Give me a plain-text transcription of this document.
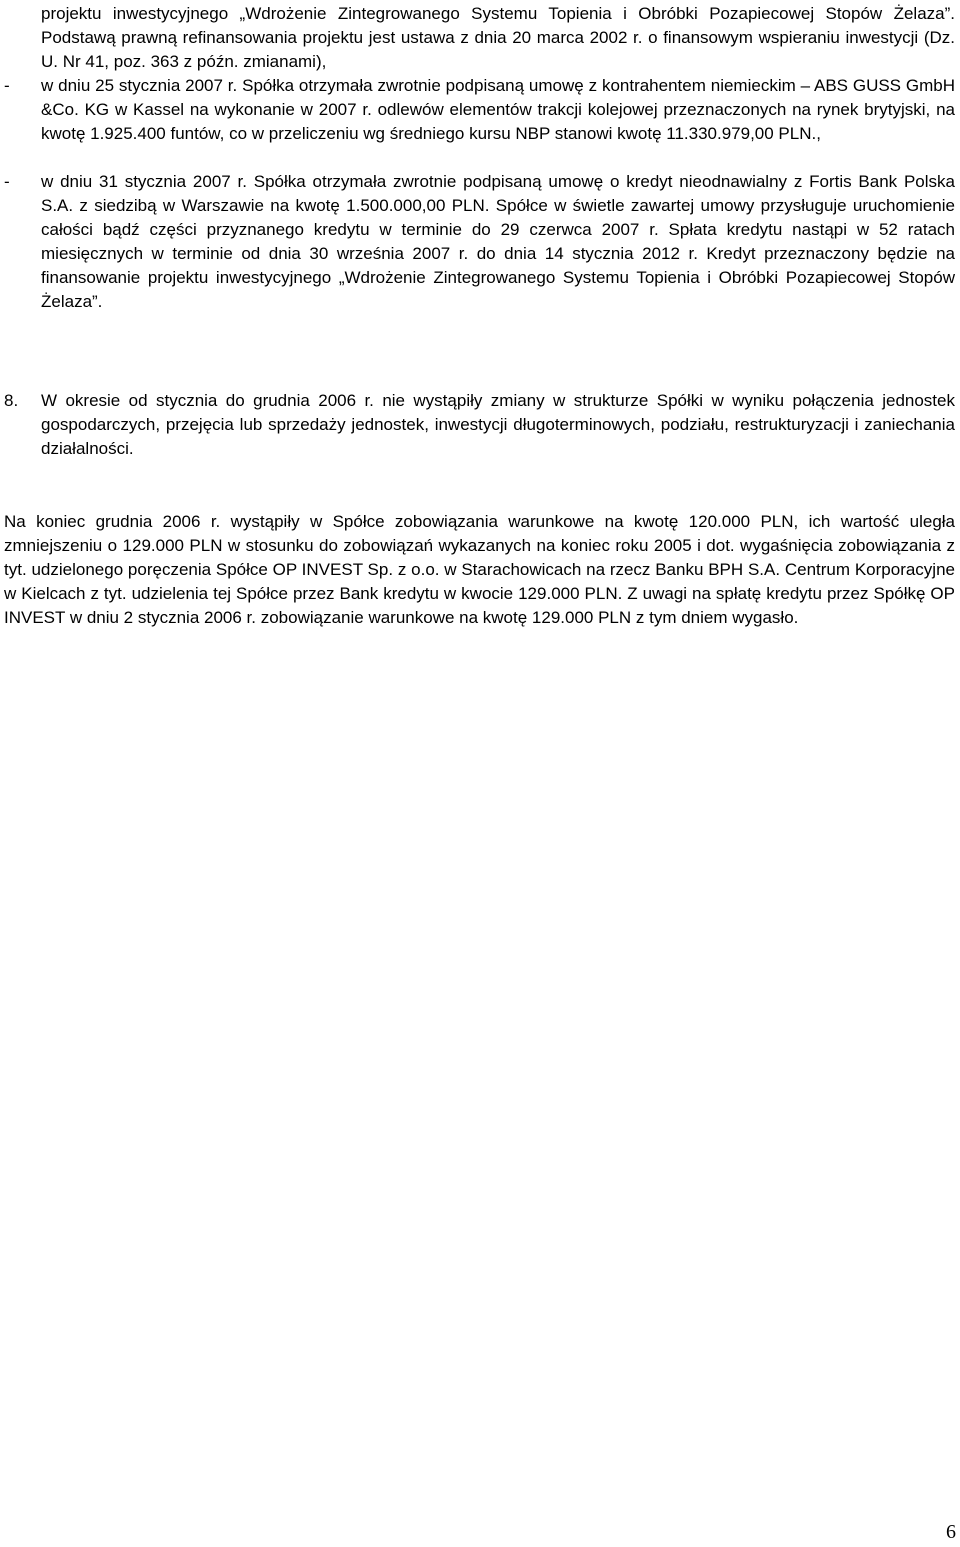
projektu inwestycyjnego „Wdrożenie Zintegrowanego Systemu Topienia i Obróbki Pozapiecowej Stopów Żelaza”. Podstawą prawną refinansowania projektu jest ustawa z dnia 20 marca 2002 r. o finansowym wspieraniu inwestycji (Dz. U. Nr 41, poz. 363 z późn. zmianami),

- w dniu 25 stycznia 2007 r. Spółka otrzymała zwrotnie podpisaną umowę z kontrahentem niemieckim – ABS GUSS GmbH &Co. KG w Kassel na wykonanie w 2007 r. odlewów elementów trakcji kolejowej przeznaczonych na rynek brytyjski, na kwotę 1.925.400 funtów, co w przeliczeniu wg średniego kursu NBP stanowi kwotę 11.330.979,00 PLN.,
- w dniu 31 stycznia 2007 r. Spółka otrzymała zwrotnie podpisaną umowę o kredyt nieodnawialny z Fortis Bank Polska S.A. z siedzibą w Warszawie na kwotę 1.500.000,00 PLN. Spółce w świetle zawartej umowy przysługuje uruchomienie całości bądź części przyznanego kredytu w terminie do 29 czerwca 2007 r. Spłata kredytu nastąpi w 52 ratach miesięcznych w terminie od dnia 30 września 2007 r. do dnia 14 stycznia 2012 r. Kredyt przeznaczony będzie na finansowanie projektu inwestycyjnego „Wdrożenie Zintegrowanego Systemu Topienia i Obróbki Pozapiecowej Stopów Żelaza”.
8. W okresie od stycznia do grudnia 2006 r. nie wystąpiły zmiany w strukturze Spółki w wyniku połączenia jednostek gospodarczych, przejęcia lub sprzedaży jednostek, inwestycji długoterminowych, podziału, restrukturyzacji i zaniechania działalności.

Na koniec grudnia 2006 r. wystąpiły w Spółce zobowiązania warunkowe na kwotę 120.000 PLN, ich wartość uległa zmniejszeniu o 129.000 PLN w stosunku do zobowiązań wykazanych na koniec roku 2005 i dot. wygaśnięcia zobowiązania z tyt. udzielonego poręczenia Spółce OP INVEST Sp. z o.o. w Starachowicach na rzecz Banku BPH S.A. Centrum Korporacyjne w Kielcach z tyt. udzielenia tej Spółce przez Bank kredytu w kwocie 129.000 PLN. Z uwagi na spłatę kredytu przez Spółkę OP INVEST w dniu 2 stycznia 2006 r. zobowiązanie warunkowe na kwotę 129.000 PLN z tym dniem wygasło.

6
